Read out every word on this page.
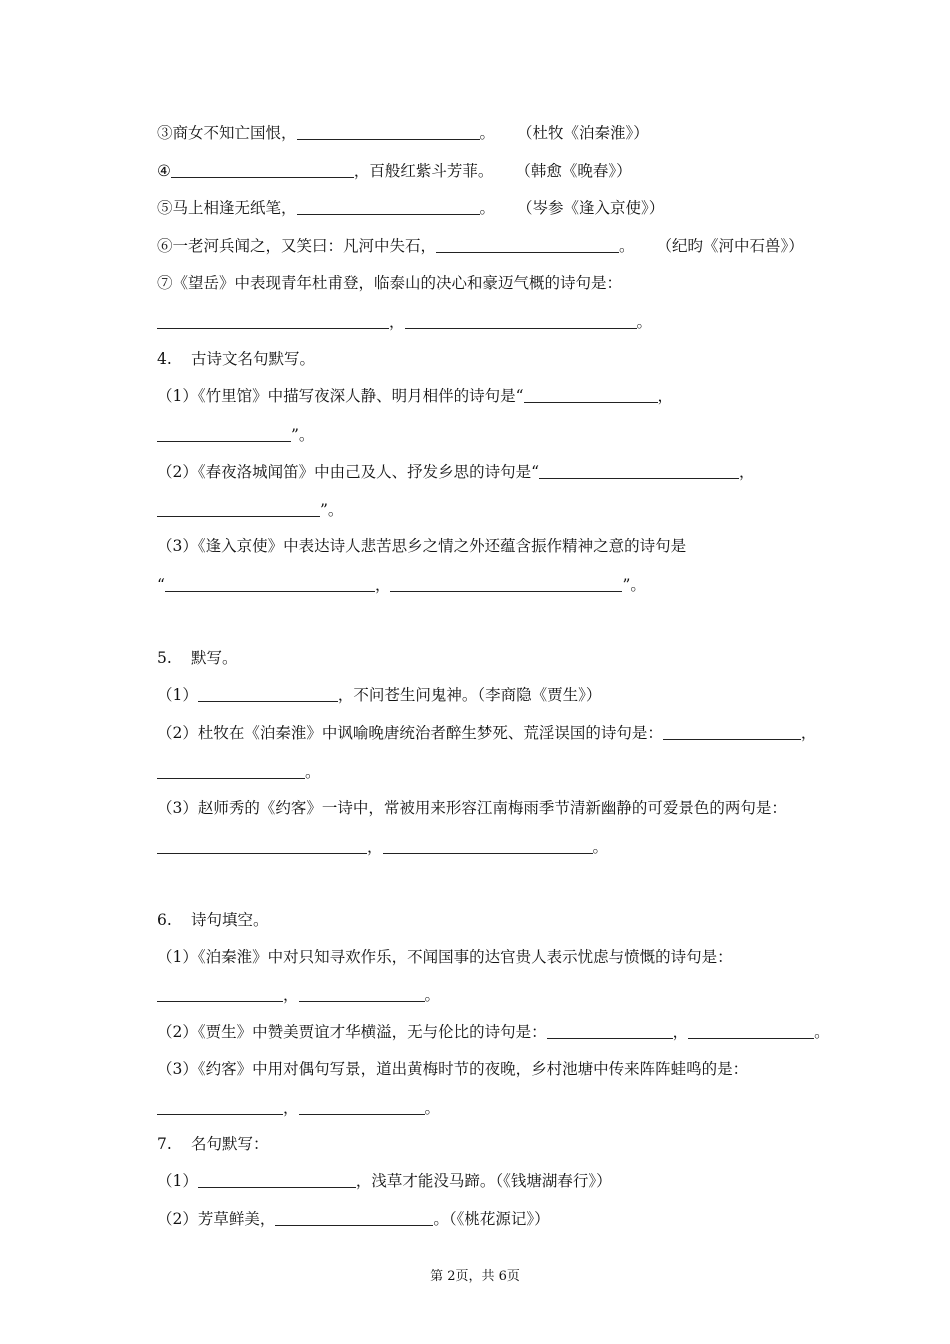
③商女不知亡国恨，	。 （杜牧《泊秦淮》）
④	，百般红紫斗芳菲。 （韩愈《晚春》）
⑤马上相逢无纸笔，	。 （岑参《逢入京使》）
⑥一老河兵闻之，又笑曰：凡河中失石，	。 （纪昀《河中石兽》）
⑦《望岳》中表现青年杜甫登，临泰山的决心和豪迈气概的诗句是：
，	。
4. 古诗文名句默写。
（1）《竹里馆》中描写夜深人静、明月相伴的诗句是“	，
”。
（2）《春夜洛城闻笛》中由己及人、抒发乡思的诗句是“	，
”。
（3）《逢入京使》中表达诗人悲苦思乡之情之外还蕴含振作精神之意的诗句是
“	，	”。
5. 默写。
（1）	，不问苍生问鬼神。（李商隐《贾生》）
（2）杜牧在《泊秦淮》中讽喻晚唐统治者醉生梦死、荒淫误国的诗句是：	，
。
（3）赵师秀的《约客》一诗中，常被用来形容江南梅雨季节清新幽静的可爱景色的两句是：
，	。
6. 诗句填空。
（1）《泊秦淮》中对只知寻欢作乐，不闻国事的达官贵人表示忧虑与愤慨的诗句是：
，	。
（2）《贾生》中赞美贾谊才华横溢，无与伦比的诗句是：	，	。
（3）《约客》中用对偶句写景，道出黄梅时节的夜晚，乡村池塘中传来阵阵蛙鸣的是：
，	。
7. 名句默写：
（1）	，浅草才能没马蹄。（《钱塘湖春行》）
（2）芳草鲜美，	。（《桃花源记》）
第 2页，共 6页
